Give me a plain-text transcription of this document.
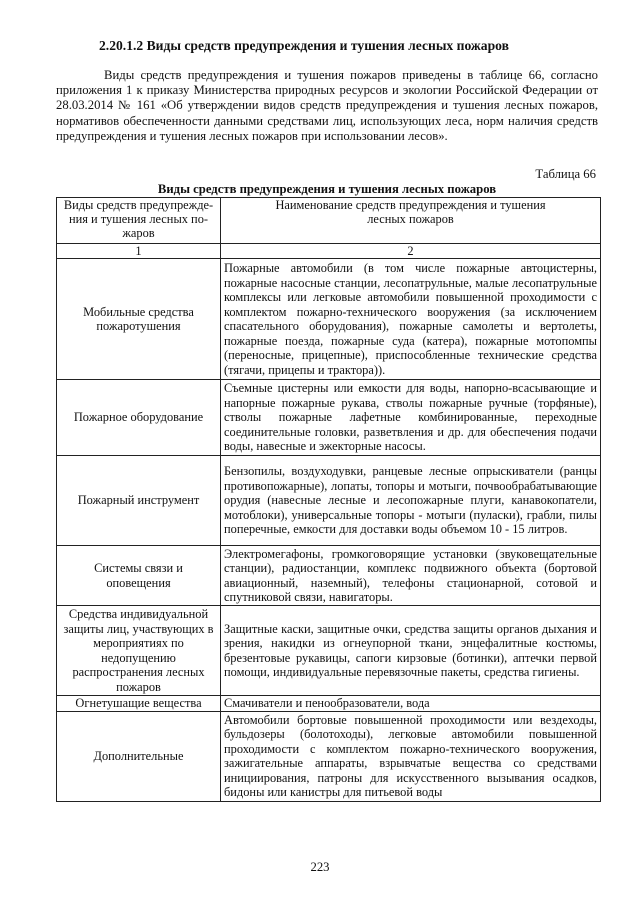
2.20.1.2 Виды средств предупреждения и тушения лесных пожаров

Виды средств предупреждения и тушения пожаров приведены в таблице 66, согласно приложения 1 к приказу Министерства природных ресурсов и экологии Российской Федерации от 28.03.2014 № 161 «Об утверждении видов средств предупреждения и тушения лесных пожаров, нормативов обеспеченности данными средствами лиц, использующих леса, норм наличия средств предупреждения и тушения лесных пожаров при использовании лесов».

Таблица 66
Виды средств предупреждения и тушения лесных пожаров
Виды средств предупрежде-ния и тушения лесных по-жаров	Наименование средств предупреждения и тушения лесных пожаров
1	2
Мобильные средства пожаротушения	Пожарные автомобили (в том числе пожарные автоцистерны, пожарные насосные станции, лесопатрульные, малые лесопатрульные комплексы или легковые автомобили повышенной проходимости с комплектом пожарно-технического вооружения (за исключением спасательного оборудования), пожарные самолеты и вертолеты, пожарные поезда, пожарные суда (катера), пожарные мотопомпы (переносные, прицепные), приспособленные технические средства (тягачи, прицепы и трактора)).
Пожарное оборудование	Съемные цистерны или емкости для воды, напорно-всасывающие и напорные пожарные рукава, стволы пожарные ручные (торфяные), стволы пожарные лафетные комбинированные, переходные соединительные головки, разветвления и др. для обеспечения подачи воды, навесные и эжекторные насосы.
Пожарный инструмент	Бензопилы, воздуходувки, ранцевые лесные опрыскиватели (ранцы противопожарные), лопаты, топоры и мотыги, почвообрабатывающие орудия (навесные лесные и лесопожарные плуги, канавокопатели, мотоблоки), универсальные топоры - мотыги (пуласки), грабли, пилы поперечные, емкости для доставки воды объемом 10 - 15 литров.
Системы связи и оповещения	Электромегафоны, громкоговорящие установки (звуковещательные станции), радиостанции, комплекс подвижного объекта (бортовой авиационный, наземный), телефоны стационарной, сотовой и спутниковой связи, навигаторы.
Средства индивидуальной защиты лиц, участвующих в мероприятиях по недопущению распространения лесных пожаров	Защитные каски, защитные очки, средства защиты органов дыхания и зрения, накидки из огнеупорной ткани, энцефалитные костюмы, брезентовые рукавицы, сапоги кирзовые (ботинки), аптечки первой помощи, индивидуальные перевязочные пакеты, средства гигиены.
Огнетушащие вещества	Смачиватели и пенообразователи, вода
Дополнительные	Автомобили бортовые повышенной проходимости или вездеходы, бульдозеры (болотоходы), легковые автомобили повышенной проходимости с комплектом пожарно-технического вооружения, зажигательные аппараты, взрывчатые вещества со средствами инициирования, патроны для искусственного вызывания осадков, бидоны или канистры для питьевой воды
223
